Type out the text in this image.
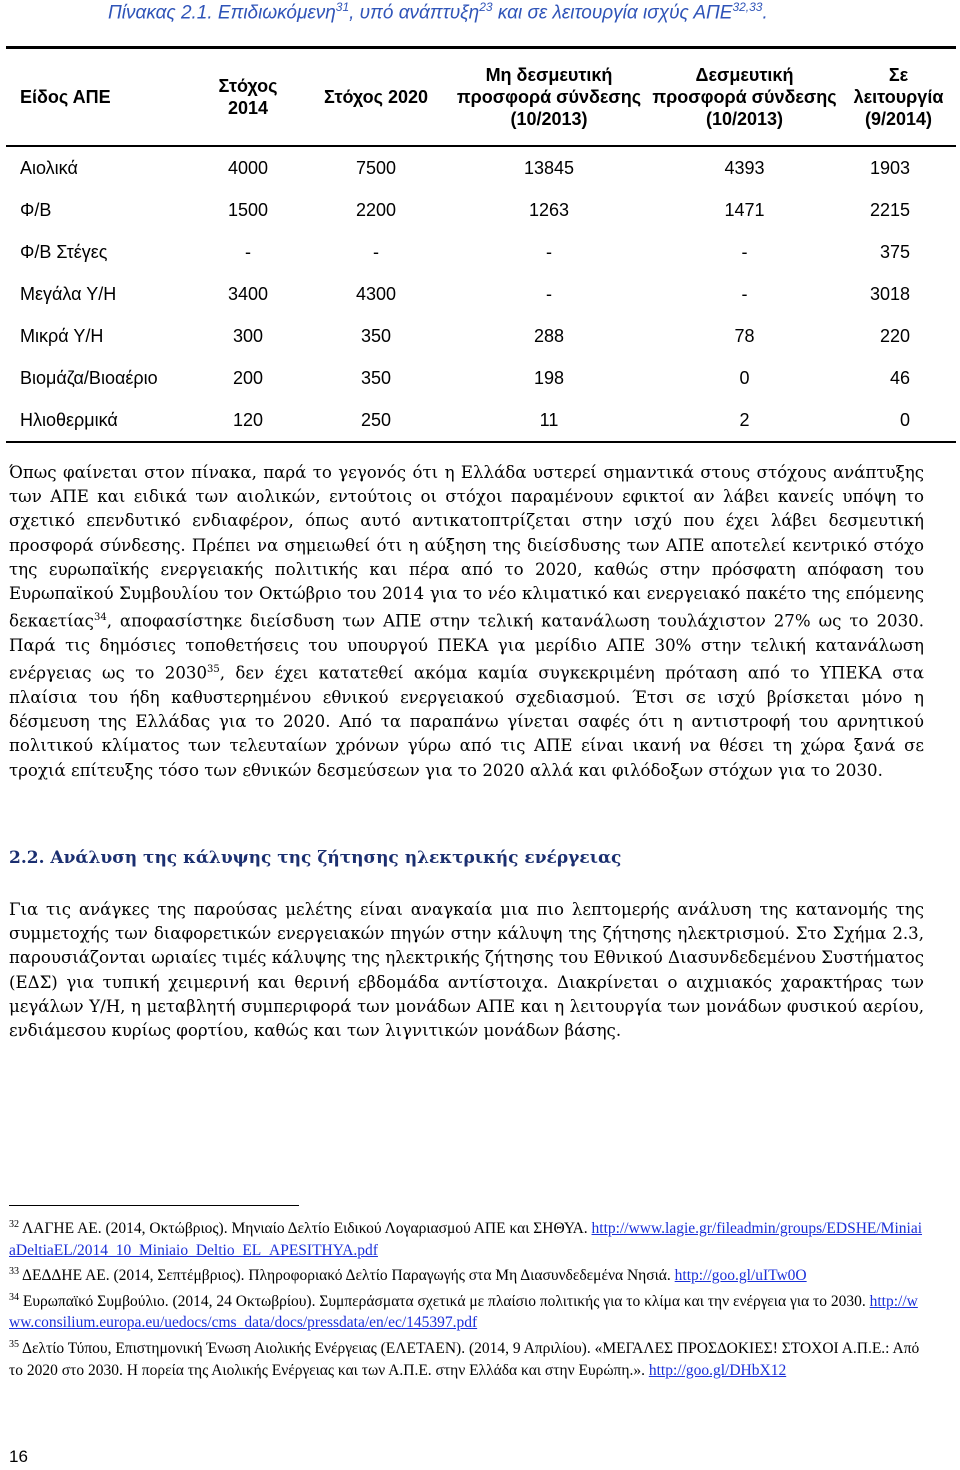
Πίνακας 2.1. Επιδιωκόμενη$^{31}$, υπό ανάπτυξη$^{23}$ και σε λειτουργία ισχύς ΑΠΕ$^{32,33}$.
Είδος ΑΠΕ	Στόχος 2014	Στόχος 2020	Μη δεσμευτική προσφορά σύνδεσης (10/2013)	Δεσμευτική προσφορά σύνδεσης (10/2013)	Σε λειτουργία (9/2014)
Αιολικά	4000	7500	13845	4393	1903
Φ/Β	1500	2200	1263	1471	2215
Φ/Β Στέγες	-	-	-	-	375
Μεγάλα Υ/Η	3400	4300	-	-	3018
Μικρά Υ/Η	300	350	288	78	220
Βιομάζα/Βιοαέριο	200	350	198	0	46
Ηλιοθερμικά	120	250	11	2	0
Όπως φαίνεται στον πίνακα, παρά το γεγονός ότι η Ελλάδα υστερεί σημαντικά στους στόχους ανάπτυξης των ΑΠΕ και ειδικά των αιολικών, εντούτοις οι στόχοι παραμένουν εφικτοί αν λάβει κανείς υπόψη το σχετικό επενδυτικό ενδιαφέρον, όπως αυτό αντικατοπτρίζεται στην ισχύ που έχει λάβει δεσμευτική προσφορά σύνδεσης. Πρέπει να σημειωθεί ότι η αύξηση της διείσδυσης των ΑΠΕ αποτελεί κεντρικό στόχο της ευρωπαϊκής ενεργειακής πολιτικής και πέρα από το 2020, καθώς στην πρόσφατη απόφαση του Ευρωπαϊκού Συμβουλίου τον Οκτώβριο του 2014 για το νέο κλιματικό και ενεργειακό πακέτο της επόμενης δεκαετίας$^{34}$, αποφασίστηκε διείσδυση των ΑΠΕ στην τελική κατανάλωση τουλάχιστον 27% ως το 2030. Παρά τις δημόσιες τοποθετήσεις του υπουργού ΠΕΚΑ για μερίδιο ΑΠΕ 30% στην τελική κατανάλωση ενέργειας ως το 2030$^{35}$, δεν έχει κατατεθεί ακόμα καμία συγκεκριμένη πρόταση από το ΥΠΕΚΑ στα πλαίσια του ήδη καθυστερημένου εθνικού ενεργειακού σχεδιασμού. Έτσι σε ισχύ βρίσκεται μόνο η δέσμευση της Ελλάδας για το 2020. Από τα παραπάνω γίνεται σαφές ότι η αντιστροφή του αρνητικού πολιτικού κλίματος των τελευταίων χρόνων γύρω από τις ΑΠΕ είναι ικανή να θέσει τη χώρα ξανά σε τροχιά επίτευξης τόσο των εθνικών δεσμεύσεων για το 2020 αλλά και φιλόδοξων στόχων για το 2030.
2.2. Ανάλυση της κάλυψης της ζήτησης ηλεκτρικής ενέργειας
Για τις ανάγκες της παρούσας μελέτης είναι αναγκαία μια πιο λεπτομερής ανάλυση της κατανομής της συμμετοχής των διαφορετικών ενεργειακών πηγών στην κάλυψη της ζήτησης ηλεκτρισμού. Στο Σχήμα 2.3, παρουσιάζονται ωριαίες τιμές κάλυψης της ηλεκτρικής ζήτησης του Εθνικού Διασυνδεδεμένου Συστήματος (ΕΔΣ) για τυπική χειμερινή και θερινή εβδομάδα αντίστοιχα. Διακρίνεται ο αιχμιακός χαρακτήρας των μεγάλων Υ/Η, η μεταβλητή συμπεριφορά των μονάδων ΑΠΕ και η λειτουργία των μονάδων φυσικού αερίου, ενδιάμεσου κυρίως φορτίου, καθώς και των λιγνιτικών μονάδων βάσης.
$^{32}$ ΛΑΓΗΕ ΑΕ. (2014, Οκτώβριος). Μηνιαίο Δελτίο Ειδικού Λογαριασμού ΑΠΕ και ΣΗΘΥΑ. http://www.lagie.gr/fileadmin/groups/EDSHE/MiniaiaDeltiaEL/2014_10_Miniaio_Deltio_EL_APESITHYA.pdf
$^{33}$ ΔΕΔΔΗΕ ΑΕ. (2014, Σεπτέμβριος). Πληροφοριακό Δελτίο Παραγωγής στα Μη Διασυνδεδεμένα Νησιά. http://goo.gl/uITw0O
$^{34}$ Ευρωπαϊκό Συμβούλιο. (2014, 24 Οκτωβρίου). Συμπεράσματα σχετικά με πλαίσιο πολιτικής για το κλίμα και την ενέργεια για το 2030. http://www.consilium.europa.eu/uedocs/cms_data/docs/pressdata/en/ec/145397.pdf
$^{35}$ Δελτίο Τύπου, Επιστημονική Ένωση Αιολικής Ενέργειας (ΕΛΕΤΑΕΝ). (2014, 9 Απριλίου). «ΜΕΓΑΛΕΣ ΠΡΟΣΔΟΚΙΕΣ! ΣΤΟΧΟΙ Α.Π.Ε.: Από το 2020 στο 2030. Η πορεία της Αιολικής Ενέργειας και των Α.Π.Ε. στην Ελλάδα και στην Ευρώπη.». http://goo.gl/DHbX12
16
